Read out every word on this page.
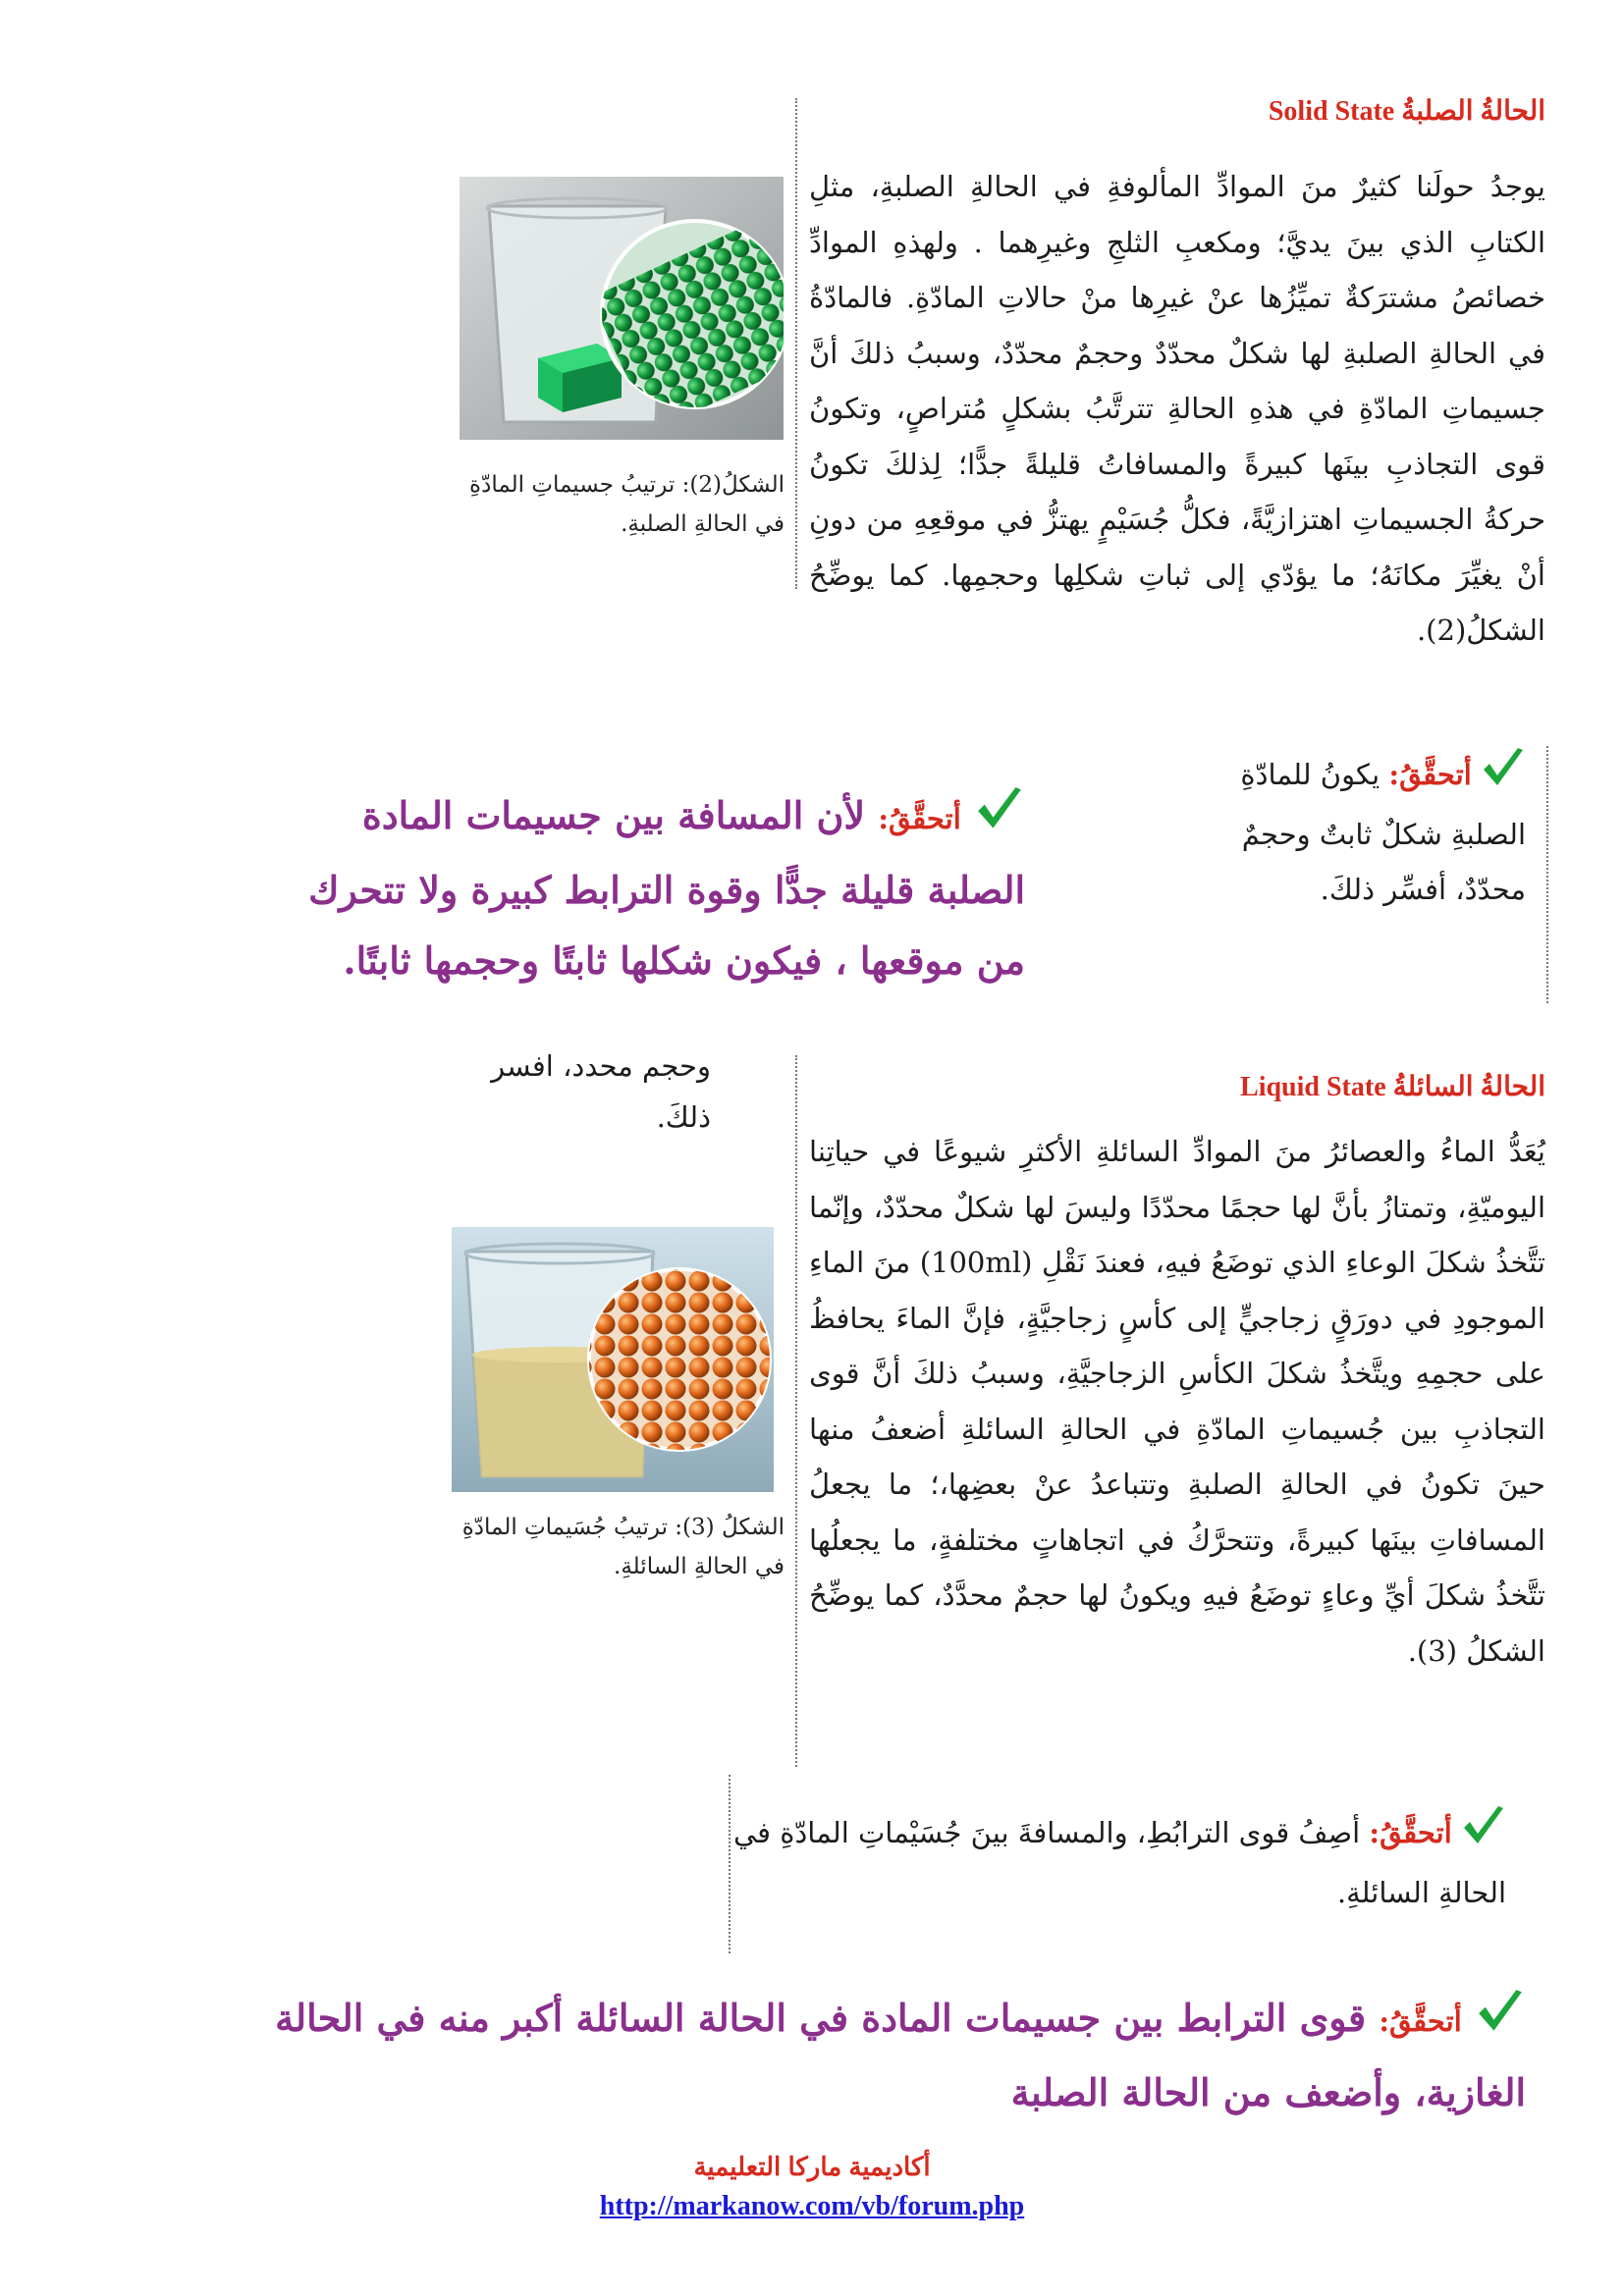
الحالةُ الصلبةُ Solid State
يوجدُ حولَنا كثيرٌ منَ الموادِّ المألوفةِ في الحالةِ الصلبةِ، مثلِ الكتابِ الذي بينَ يديَّ؛ ومكعبِ الثلجِ وغيرِهما . ولهذهِ الموادِّ خصائصُ مشترَكةٌ تميِّزُها عنْ غيرِها منْ حالاتِ المادّةِ. فالمادّةُ في الحالةِ الصلبةِ لها شكلٌ محدّدٌ وحجمٌ محدّدٌ، وسببُ ذلكَ أنَّ جسيماتِ المادّةِ في هذهِ الحالةِ تترتَّبُ بشكلٍ مُتراصٍ، وتكونُ قوى التجاذبِ بينَها كبيرةً والمسافاتُ قليلةً جدًّا؛ لِذلكَ تكونُ حركةُ الجسيماتِ اهتزازيَّةً، فكلُّ جُسَيْمٍ يهتزُّ في موقعِهِ من دونِ أنْ يغيِّرَ مكانَهُ؛ ما يؤدّي إلى ثباتِ شكلِها وحجمِها. كما يوضِّحُ الشكلُ(2).
الشكلُ(2): ترتيبُ جسيماتِ المادّةِ في الحالةِ الصلبةِ.
أتحقَّقُ: يكونُ للمادّةِ الصلبةِ شكلٌ ثابتٌ وحجمٌ محدّدٌ، أفسِّر ذلكَ.
أتحقَّقُ: لأن المسافة بين جسيمات المادة الصلبة قليلة جدًّا وقوة الترابط كبيرة ولا تتحرك من موقعها ، فيكون شكلها ثابتًا وحجمها ثابتًا.
وحجم محدد، افسر ذلكَ.
الحالةُ السائلةُ Liquid State
يُعَدُّ الماءُ والعصائرُ منَ الموادِّ السائلةِ الأكثرِ شيوعًا في حياتِنا اليوميّةِ، وتمتازُ بأنَّ لها حجمًا محدّدًا وليسَ لها شكلٌ محدّدٌ، وإنّما تتَّخذُ شكلَ الوعاءِ الذي توضَعُ فيهِ، فعندَ نَقْلِ (100ml) منَ الماءِ الموجودِ في دورَقٍ زجاجيٍّ إلى كأسٍ زجاجيَّةٍ، فإنَّ الماءَ يحافظُ على حجمِهِ ويتَّخذُ شكلَ الكأسِ الزجاجيَّةِ، وسببُ ذلكَ أنَّ قوى التجاذبِ بين جُسيماتِ المادّةِ في الحالةِ السائلةِ أضعفُ منها حينَ تكونُ في الحالةِ الصلبةِ وتتباعدُ عنْ بعضِها،؛ ما يجعلُ المسافاتِ بينَها كبيرةً، وتتحرَّكُ في اتجاهاتٍ مختلفةٍ، ما يجعلُها تتَّخذُ شكلَ أيِّ وعاءٍ توضَعُ فيهِ ويكونُ لها حجمٌ محدَّدٌ، كما يوضِّحُ الشكلُ (3).
الشكلُ (3): ترتيبُ جُسَيماتِ المادّةِ في الحالةِ السائلةِ.
أتحقَّقُ: أصِفُ قوى الترابُطِ، والمسافةَ بينَ جُسَيْماتِ المادّةِ في الحالةِ السائلةِ.
أتحقَّقُ: قوى الترابط بين جسيمات المادة في الحالة السائلة أكبر منه في الحالة الغازية، وأضعف من الحالة الصلبة
أكاديمية ماركا التعليمية
http://markanow.com/vb/forum.php
